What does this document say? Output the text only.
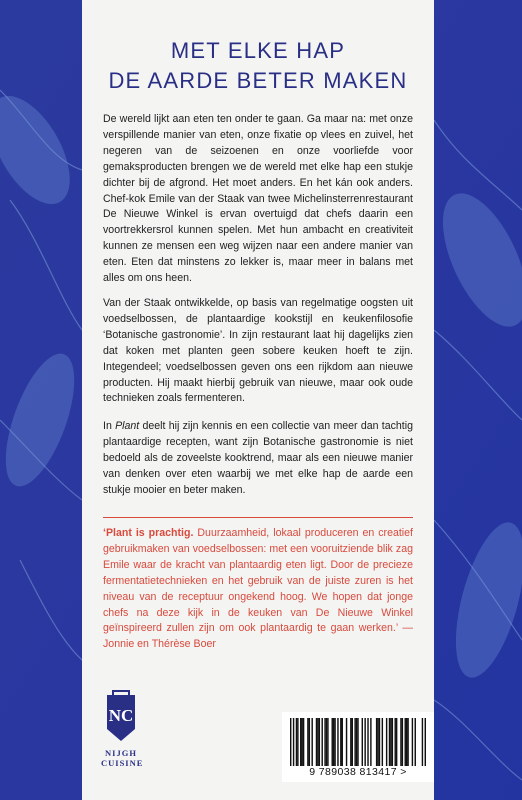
MET ELKE HAP
DE AARDE BETER MAKEN

De wereld lijkt aan eten ten onder te gaan. Ga maar na: met onze verspillende manier van eten, onze fixatie op vlees en zuivel, het negeren van de seizoenen en onze voorliefde voor gemaksproducten brengen we de wereld met elke hap een stukje dichter bij de afgrond. Het moet anders. En het kán ook anders. Chef-kok Emile van der Staak van twee Michelinsterrenrestaurant De Nieuwe Winkel is ervan overtuigd dat chefs daarin een voortrekkersrol kunnen spelen. Met hun ambacht en creativiteit kunnen ze mensen een weg wijzen naar een andere manier van eten. Eten dat minstens zo lekker is, maar meer in balans met alles om ons heen.

Van der Staak ontwikkelde, op basis van regelmatige oogsten uit voedselbossen, de plantaardige kookstijl en keukenfilosofie ‘Botanische gastronomie’. In zijn restaurant laat hij dagelijks zien dat koken met planten geen sobere keuken hoeft te zijn. Integendeel; voedselbossen geven ons een rijkdom aan nieuwe producten. Hij maakt hierbij gebruik van nieuwe, maar ook oude technieken zoals fermenteren.

In Plant deelt hij zijn kennis en een collectie van meer dan tachtig plantaardige recepten, want zijn Botanische gastronomie is niet bedoeld als de zoveelste kooktrend, maar als een nieuwe manier van denken over eten waarbij we met elke hap de aarde een stukje mooier en beter maken.

‘Plant is prachtig. Duurzaamheid, lokaal produceren en creatief gebruikmaken van voedselbossen: met een vooruitziende blik zag Emile waar de kracht van plantaardig eten ligt. Door de precieze fermentatietechnieken en het gebruik van de juiste zuren is het niveau van de receptuur ongekend hoog. We hopen dat jonge chefs na deze kijk in de keuken van De Nieuwe Winkel geïnspireerd zullen zijn om ook plantaardig te gaan werken.’ — Jonnie en Thérèse Boer

NC
NIJGH
CUISINE
9 789038 813417 >
